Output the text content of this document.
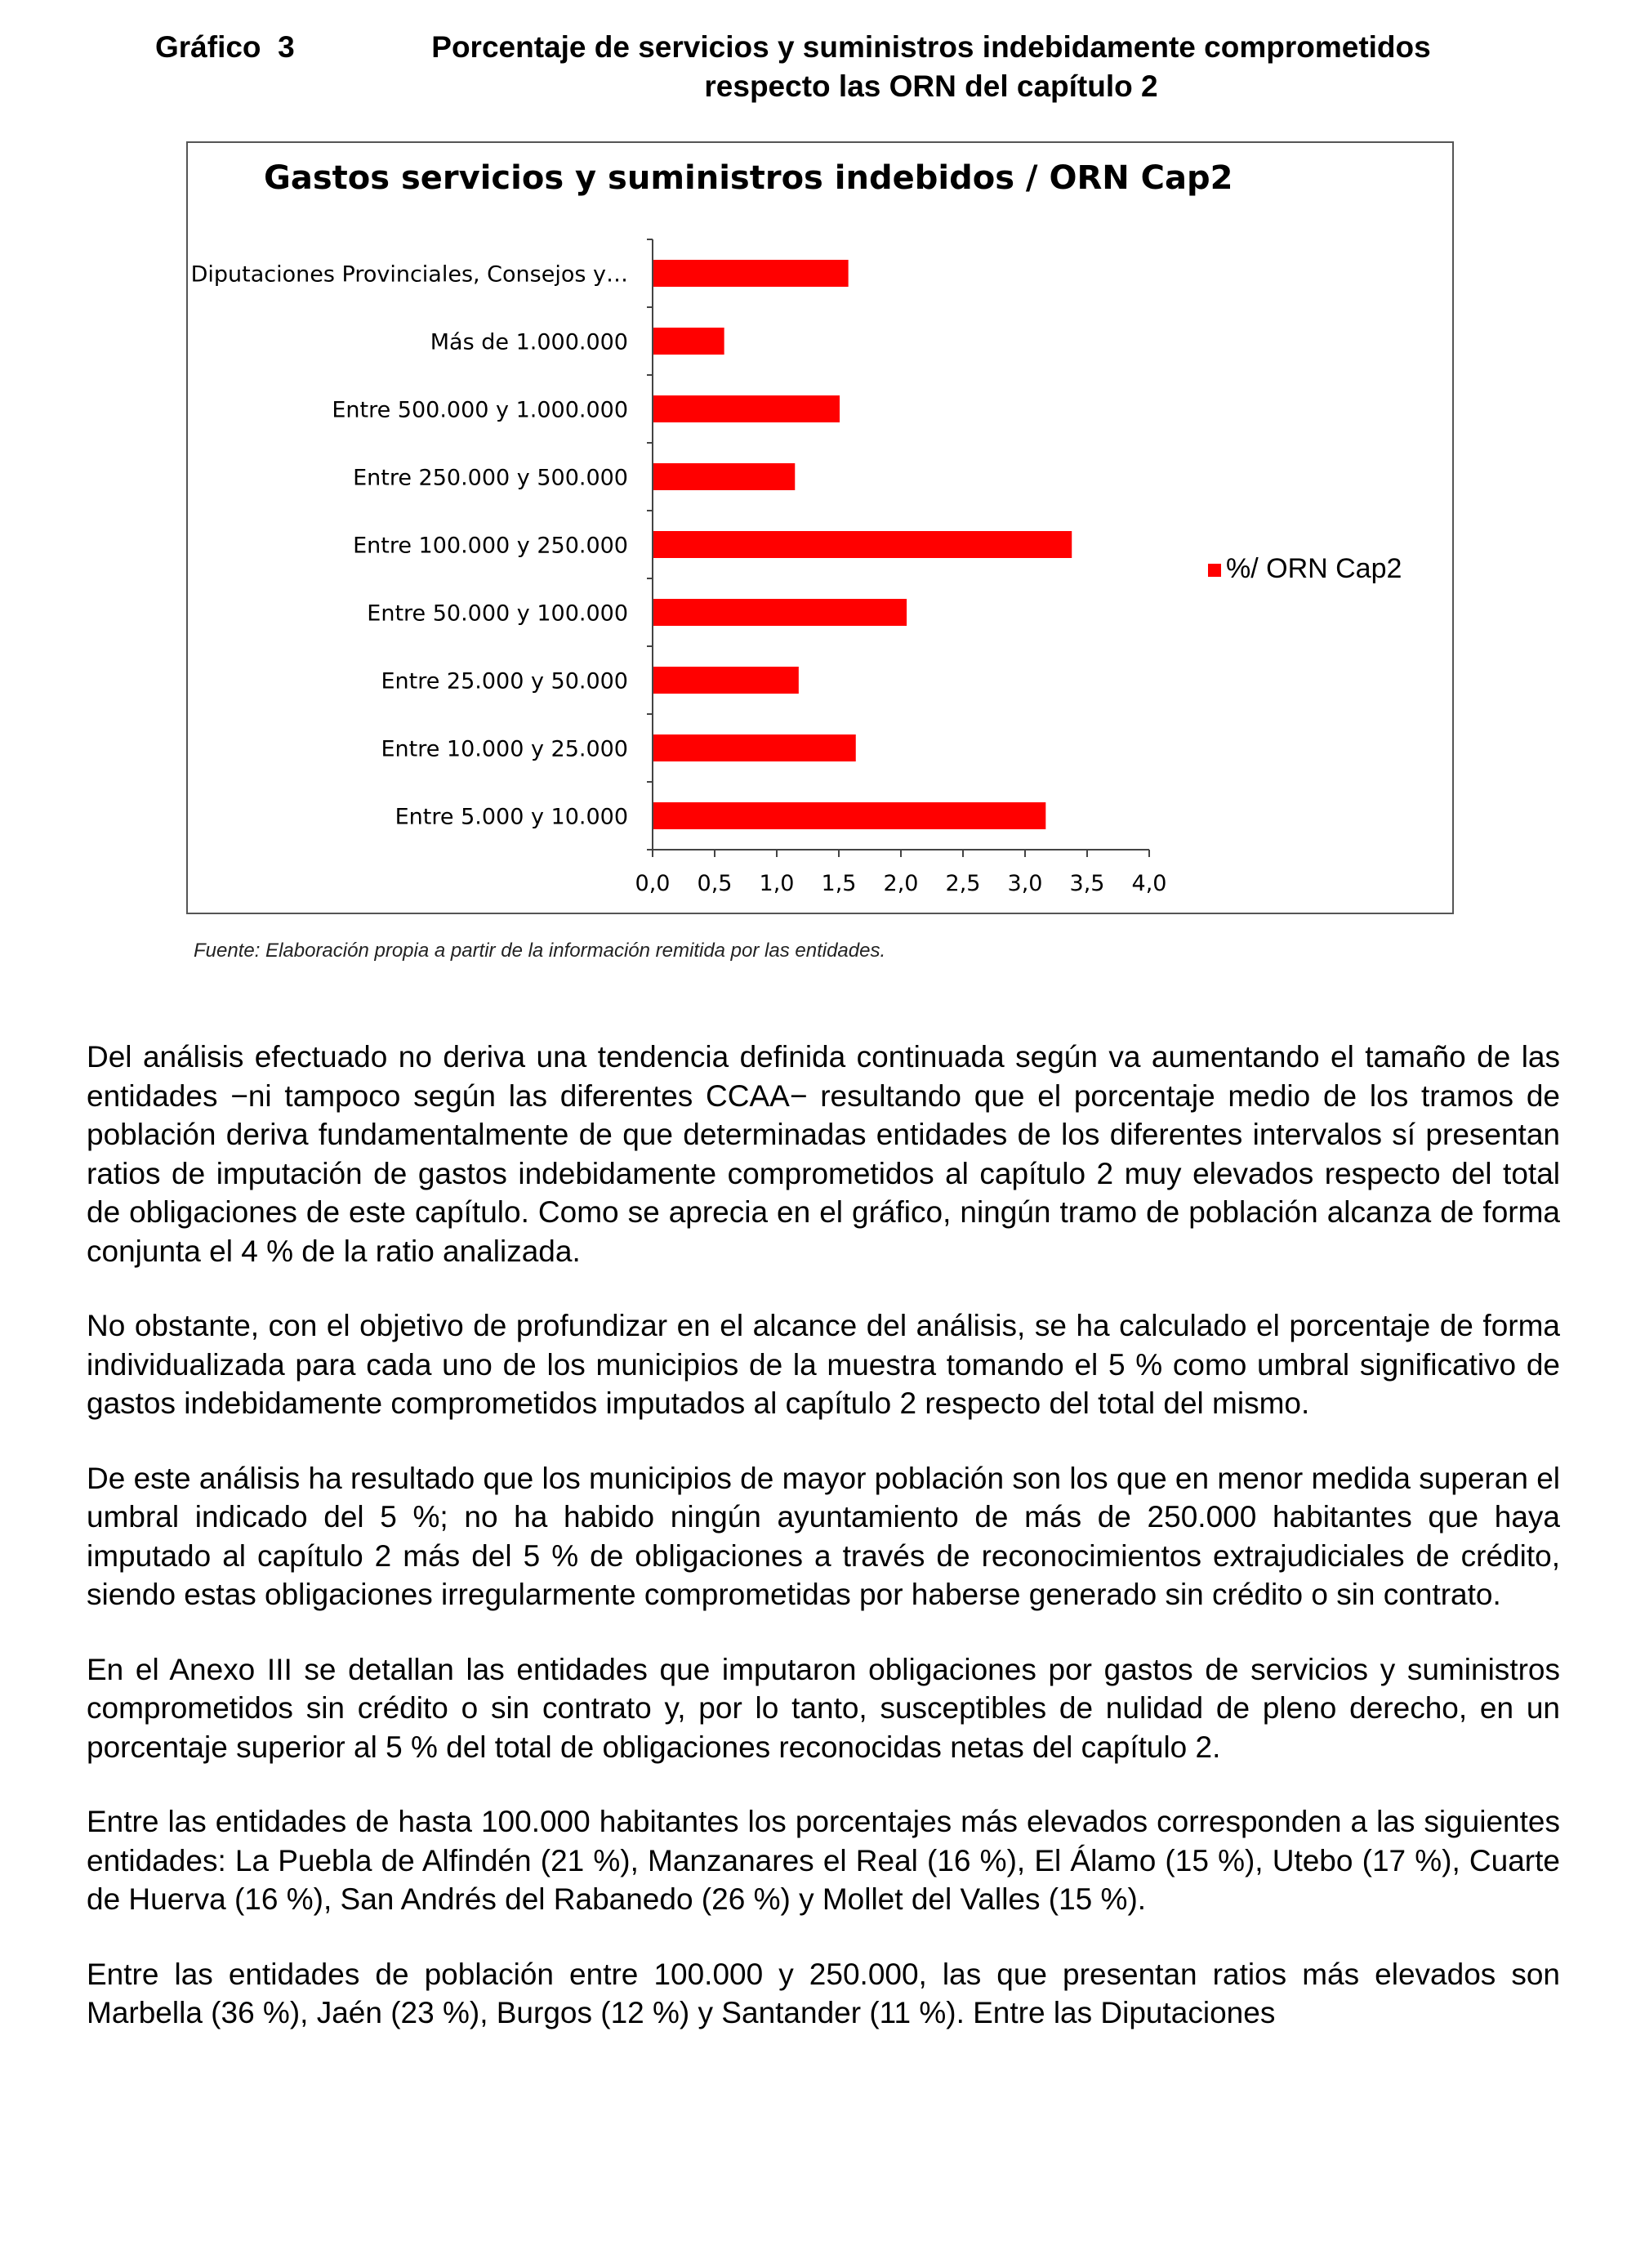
Gráfico  3	Porcentaje de servicios y suministros indebidamente comprometidos respecto las ORN del capítulo 2
Gastos servicios y suministros indebidos / ORN Cap2
Diputaciones Provinciales, Consejos y…
Más de 1.000.000
Entre 500.000 y 1.000.000
Entre 250.000 y 500.000
Entre 100.000 y 250.000
Entre 50.000 y 100.000
Entre 25.000 y 50.000
Entre 10.000 y 25.000
Entre 5.000 y 10.000
0,0 0,5 1,0 1,5 2,0 2,5 3,0 3,5 4,0
%/ ORN Cap2
Fuente: Elaboración propia a partir de la información remitida por las entidades.

Del análisis efectuado no deriva una tendencia definida continuada según va aumentando el tamaño de las entidades −ni tampoco según las diferentes CCAA− resultando que el porcentaje medio de los tramos de población deriva fundamentalmente de que determinadas entidades de los diferentes intervalos sí presentan ratios de imputación de gastos indebidamente comprometidos al capítulo 2 muy elevados respecto del total de obligaciones de este capítulo. Como se aprecia en el gráfico, ningún tramo de población alcanza de forma conjunta el 4 % de la ratio analizada.

No obstante, con el objetivo de profundizar en el alcance del análisis, se ha calculado el porcentaje de forma individualizada para cada uno de los municipios de la muestra tomando el 5 % como umbral significativo de gastos indebidamente comprometidos imputados al capítulo 2 respecto del total del mismo.

De este análisis ha resultado que los municipios de mayor población son los que en menor medida superan el umbral indicado del 5 %; no ha habido ningún ayuntamiento de más de 250.000 habitantes que haya imputado al capítulo 2 más del 5 % de obligaciones a través de reconocimientos extrajudiciales de crédito, siendo estas obligaciones irregularmente comprometidas por haberse generado sin crédito o sin contrato.

En el Anexo III se detallan las entidades que imputaron obligaciones por gastos de servicios y suministros comprometidos sin crédito o sin contrato y, por lo tanto, susceptibles de nulidad de pleno derecho, en un porcentaje superior al 5 % del total de obligaciones reconocidas netas del capítulo 2.

Entre las entidades de hasta 100.000 habitantes los porcentajes más elevados corresponden a las siguientes entidades: La Puebla de Alfindén (21 %), Manzanares el Real (16 %), El Álamo (15 %), Utebo (17 %), Cuarte de Huerva (16 %), San Andrés del Rabanedo (26 %) y Mollet del Valles (15 %).

Entre las entidades de población entre 100.000 y 250.000, las que presentan ratios más elevados son Marbella (36 %), Jaén (23 %), Burgos (12 %) y Santander (11 %). Entre las Diputaciones
